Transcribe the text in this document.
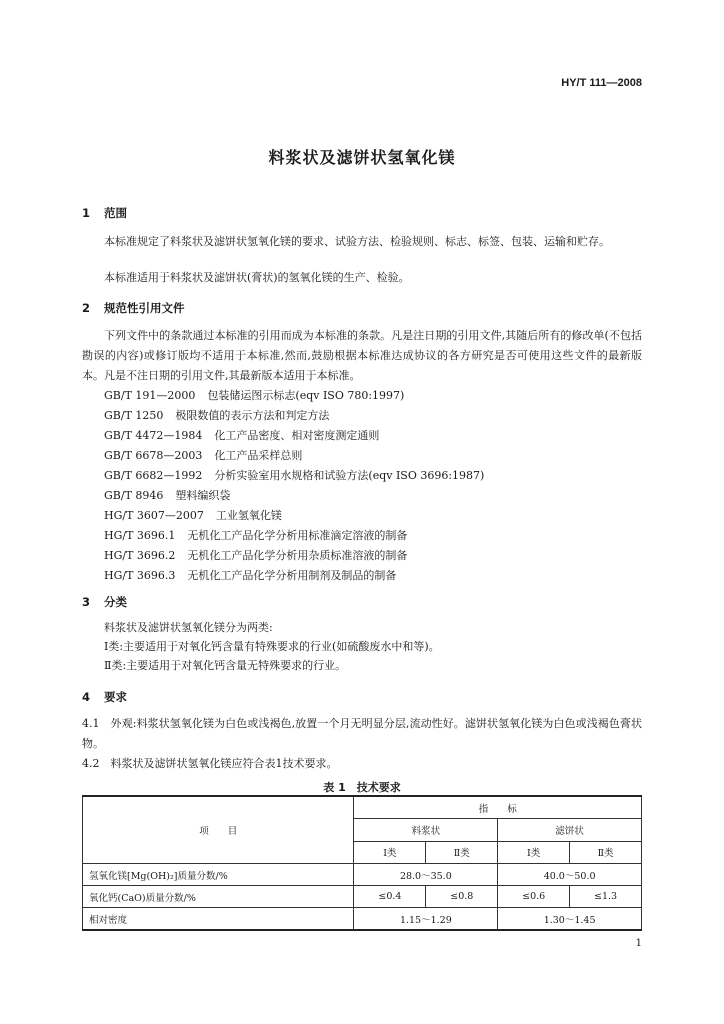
HY/T 111—2008
料浆状及滤饼状氢氧化镁
1 范围
本标准规定了料浆状及滤饼状氢氧化镁的要求、试验方法、检验规则、标志、标签、包装、运输和贮存。
本标准适用于料浆状及滤饼状(膏状)的氢氧化镁的生产、检验。
2 规范性引用文件
下列文件中的条款通过本标准的引用而成为本标准的条款。凡是注日期的引用文件,其随后所有的修改单(不包括勘误的内容)或修订版均不适用于本标准,然而,鼓励根据本标准达成协议的各方研究是否可使用这些文件的最新版本。凡是不注日期的引用文件,其最新版本适用于本标准。
GB/T 191—2000 包装储运图示标志(eqv ISO 780:1997)
GB/T 1250 极限数值的表示方法和判定方法
GB/T 4472—1984 化工产品密度、相对密度测定通则
GB/T 6678—2003 化工产品采样总则
GB/T 6682—1992 分析实验室用水规格和试验方法(eqv ISO 3696:1987)
GB/T 8946 塑料编织袋
HG/T 3607—2007 工业氢氧化镁
HG/T 3696.1 无机化工产品化学分析用标准滴定溶液的制备
HG/T 3696.2 无机化工产品化学分析用杂质标准溶液的制备
HG/T 3696.3 无机化工产品化学分析用制剂及制品的制备
3 分类
料浆状及滤饼状氢氧化镁分为两类:
Ⅰ类:主要适用于对氧化钙含量有特殊要求的行业(如硫酸废水中和等)。
Ⅱ类:主要适用于对氧化钙含量无特殊要求的行业。
4 要求
4.1　外观:料浆状氢氧化镁为白色或浅褐色,放置一个月无明显分层,流动性好。滤饼状氢氧化镁为白色或浅褐色膏状物。
4.2　料浆状及滤饼状氢氧化镁应符合表1技术要求。
表 1　技术要求
项　　目	指　　标			
	料浆状		滤饼状	
	Ⅰ类	Ⅱ类	Ⅰ类	Ⅱ类
氢氧化镁[Mg(OH)₂]质量分数/%	28.0～35.0		40.0～50.0	
氧化钙(CaO)质量分数/%	≤0.4	≤0.8	≤0.6	≤1.3
相对密度	1.15～1.29		1.30～1.45	
1
